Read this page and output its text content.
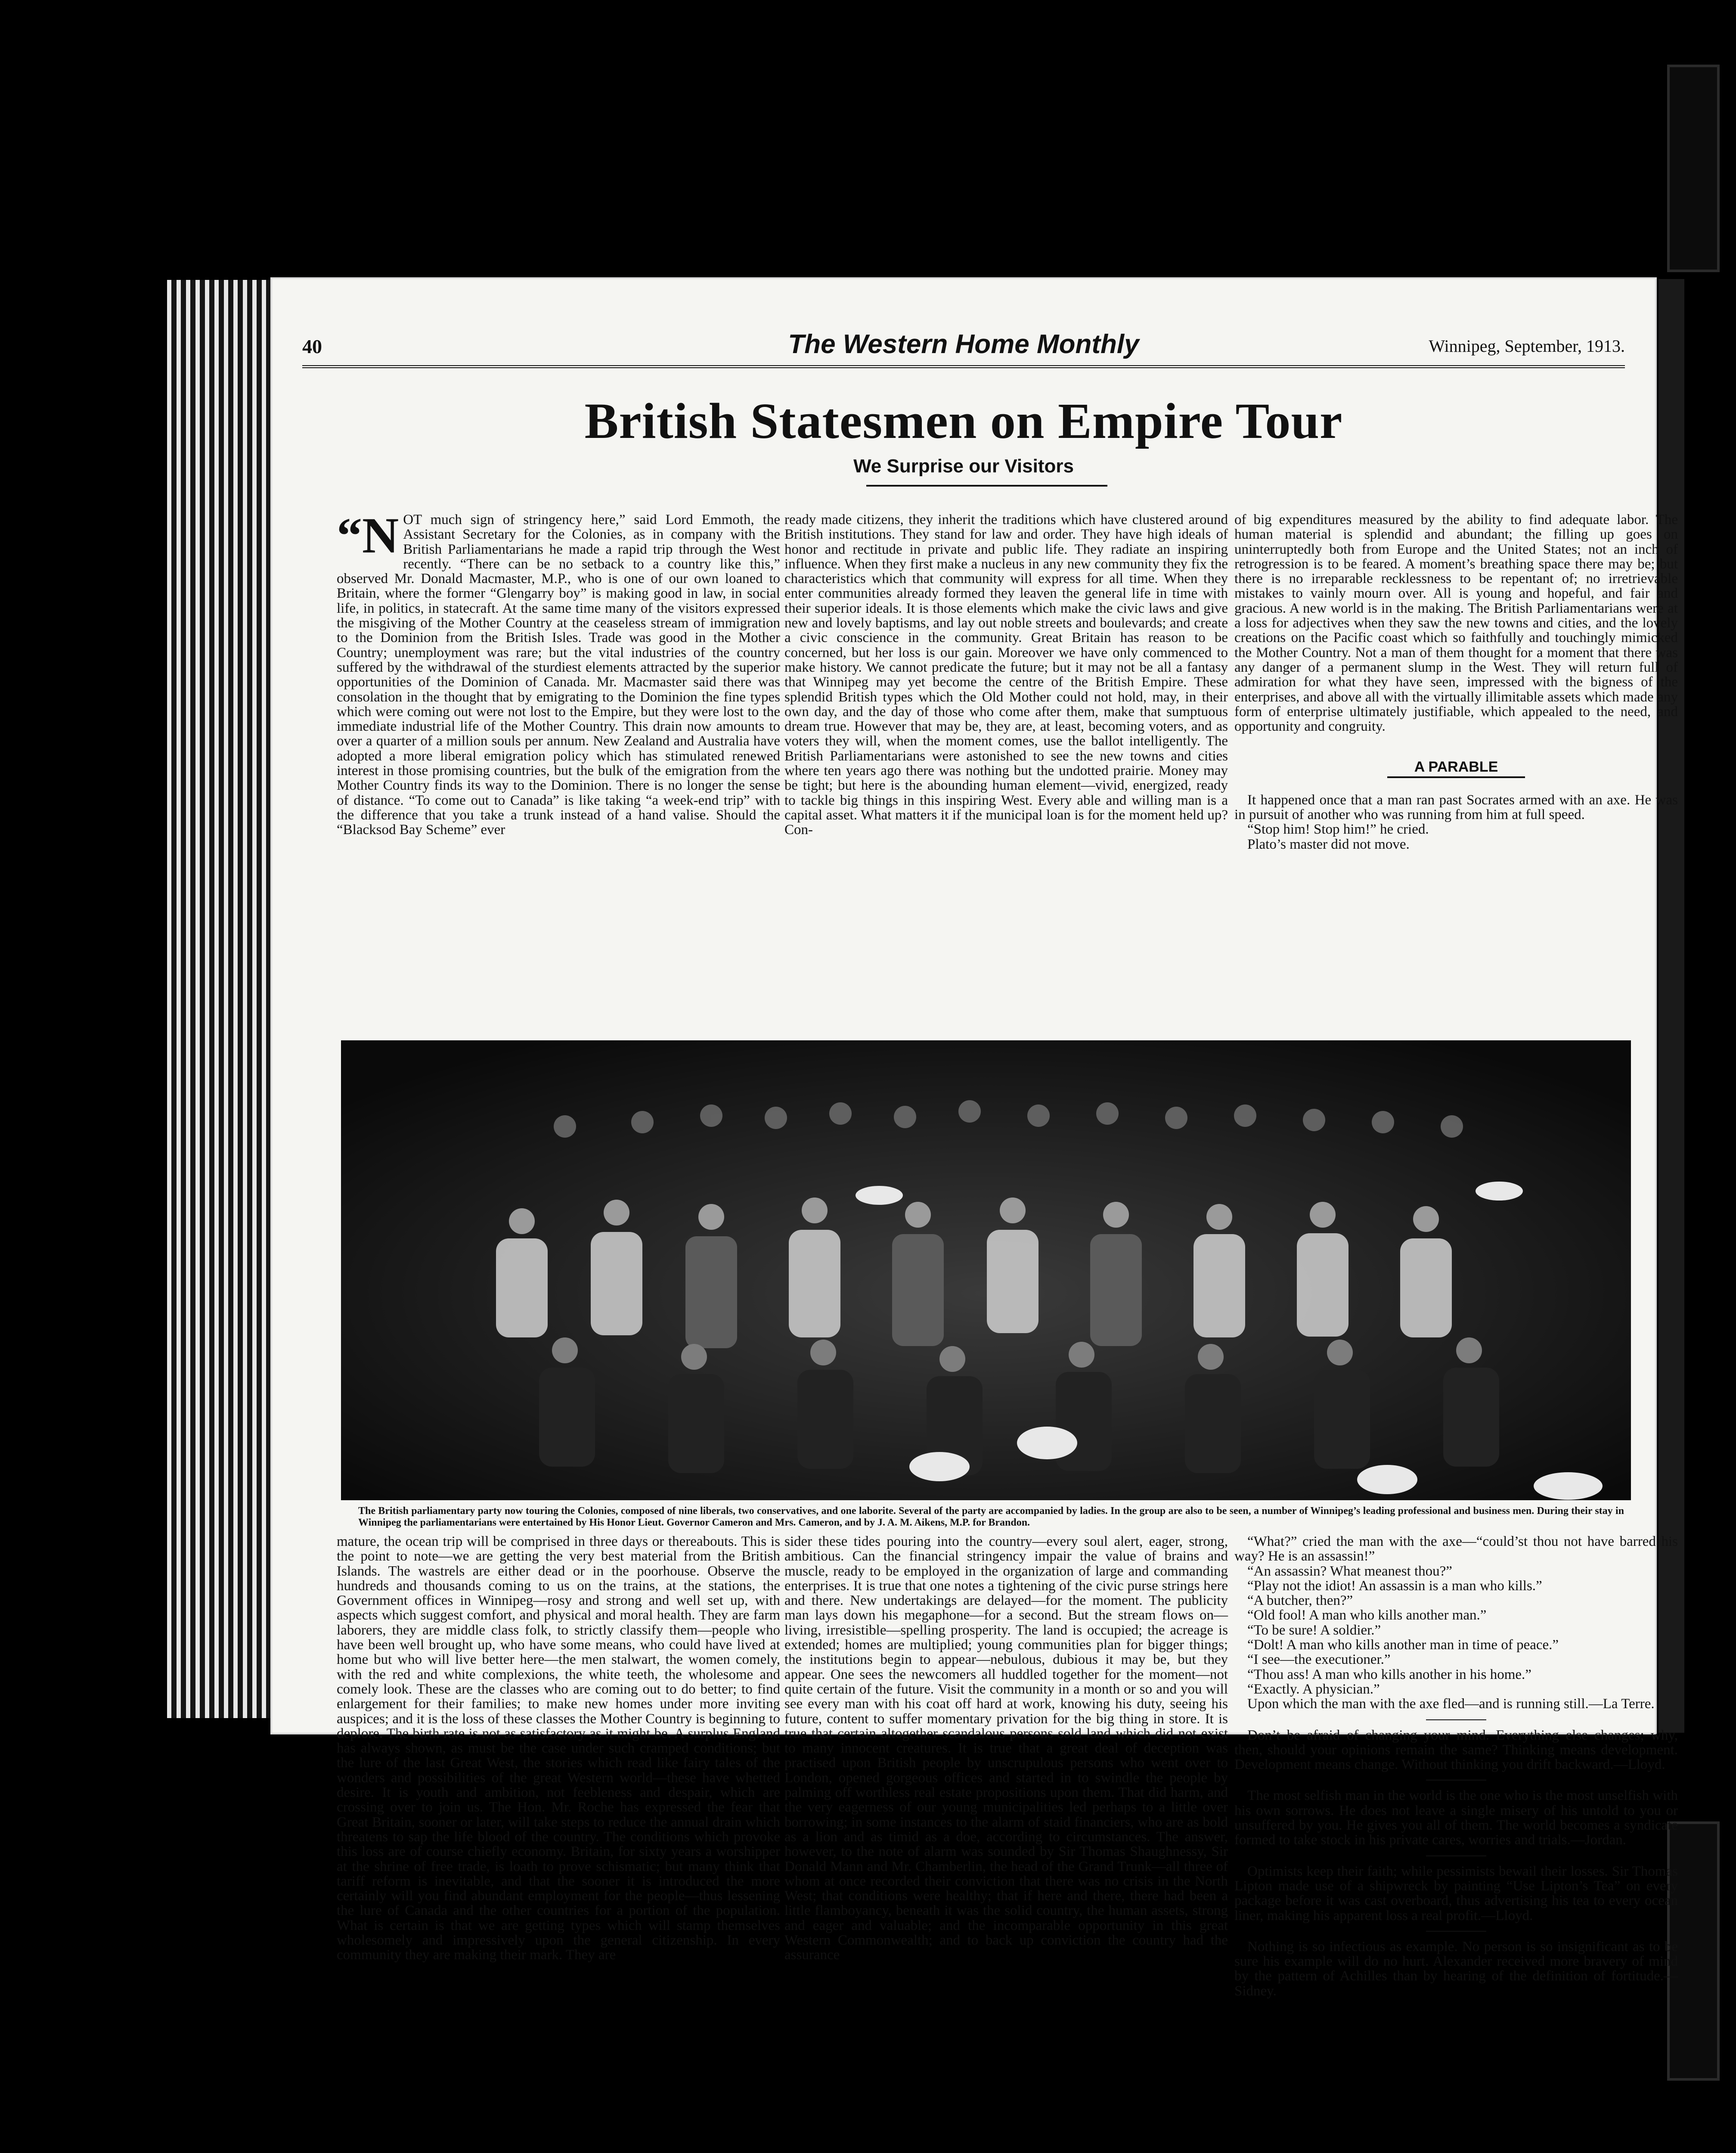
40	The Western Home Monthly	Winnipeg, September, 1913.
British Statesmen on Empire Tour
We Surprise our Visitors

“NOT much sign of stringency here,” said Lord Emmoth, the Assistant Secretary for the Colonies, as in company with the British Parliamentarians he made a rapid trip through the West recently. “There can be no setback to a country like this,” observed Mr. Donald Macmaster, M.P., who is one of our own loaned to Britain, where the former “Glengarry boy” is making good in law, in social life, in politics, in statecraft. At the same time many of the visitors expressed the misgiving of the Mother Country at the ceaseless stream of immigration to the Dominion from the British Isles. Trade was good in the Mother Country; unemployment was rare; but the vital industries of the country suffered by the withdrawal of the sturdiest elements attracted by the superior opportunities of the Dominion of Canada. Mr. Macmaster said there was consolation in the thought that by emigrating to the Dominion the fine types which were coming out were not lost to the Empire, but they were lost to the immediate industrial life of the Mother Country. This drain now amounts to over a quarter of a million souls per annum. New Zealand and Australia have adopted a more liberal emigration policy which has stimulated renewed interest in those promising countries, but the bulk of the emigration from the Mother Country finds its way to the Dominion. There is no longer the sense of distance. “To come out to Canada” is like taking “a week-end trip” with the difference that you take a trunk instead of a hand valise. Should the “Blacksod Bay Scheme” ever

ready made citizens, they inherit the traditions which have clustered around British institutions. They stand for law and order. They have high ideals of honor and rectitude in private and public life. They radiate an inspiring influence. When they first make a nucleus in any new community they fix the characteristics which that community will express for all time. When they enter communities already formed they leaven the general life in time with their superior ideals. It is those elements which make the civic laws and give new and lovely baptisms, and lay out noble streets and boulevards; and create a civic conscience in the community. Great Britain has reason to be concerned, but her loss is our gain. Moreover we have only commenced to make history. We cannot predicate the future; but it may not be all a fantasy that Winnipeg may yet become the centre of the British Empire. These splendid British types which the Old Mother could not hold, may, in their own day, and the day of those who come after them, make that sumptuous dream true. However that may be, they are, at least, becoming voters, and as voters they will, when the moment comes, use the ballot intelligently. The British Parliamentarians were astonished to see the new towns and cities where ten years ago there was nothing but the undotted prairie. Money may be tight; but here is the abounding human element—vivid, energized, ready to tackle big things in this inspiring West. Every able and willing man is a capital asset. What matters it if the municipal loan is for the moment held up? Con-

of big expenditures measured by the ability to find adequate labor. The human material is splendid and abundant; the filling up goes on uninterruptedly both from Europe and the United States; not an inch of retrogression is to be feared. A moment’s breathing space there may be; but there is no irreparable recklessness to be repentant of; no irretrievable mistakes to vainly mourn over. All is young and hopeful, and fair and gracious. A new world is in the making. The British Parliamentarians were at a loss for adjectives when they saw the new towns and cities, and the lovely creations on the Pacific coast which so faithfully and touchingly mimicked the Mother Country. Not a man of them thought for a moment that there was any danger of a permanent slump in the West. They will return full of admiration for what they have seen, impressed with the bigness of the enterprises, and above all with the virtually illimitable assets which made any form of enterprise ultimately justifiable, which appealed to the need, and opportunity and congruity.

A PARABLE

It happened once that a man ran past Socrates armed with an axe. He was in pursuit of another who was running from him at full speed.

“Stop him! Stop him!” he cried.

Plato’s master did not move.

The British parliamentary party now touring the Colonies, composed of nine liberals, two conservatives, and one laborite. Several of the party are accompanied by ladies. In the group are also to be seen, a number of Winnipeg’s leading professional and business men. During their stay in Winnipeg the parliamentarians were entertained by His Honor Lieut. Governor Cameron and Mrs. Cameron, and by J. A. M. Aikens, M.P. for Brandon.

mature, the ocean trip will be comprised in three days or thereabouts. This is the point to note—we are getting the very best material from the British Islands. The wastrels are either dead or in the poorhouse. Observe the hundreds and thousands coming to us on the trains, at the stations, the Government offices in Winnipeg—rosy and strong and well set up, with aspects which suggest comfort, and physical and moral health. They are farm laborers, they are middle class folk, to strictly classify them—people who have been well brought up, who have some means, who could have lived at home but who will live better here—the men stalwart, the women comely, with the red and white complexions, the white teeth, the wholesome and comely look. These are the classes who are coming out to do better; to find enlargement for their families; to make new homes under more inviting auspices; and it is the loss of these classes the Mother Country is beginning to deplore. The birth rate is not as satisfactory as it might be. A surplus England has always shown, as must be the case under such cramped conditions; but the lure of the last Great West, the stories which read like fairy tales of the wonders and possibilities of the great Western world—these have whetted desire. It is youth and ambition, not feebleness and despair, which are crossing over to join us. The Hon. Mr. Roche has expressed the fear that Great Britain, sooner or later, will take steps to reduce the annual drain which threatens to sap the life blood of the country. The conditions which provoke this loss are of course chiefly economy. Britain, for sixty years a worshipper at the shrine of free trade, is loath to prove schismatic; but many think that tariff reform is inevitable, and that the sooner it is introduced the more certainly will you find abundant employment for the people—thus lessening the lure of Canada and the other countries for a portion of the population. What is certain is that we are getting types which will stamp themselves wholesomely and impressively upon the general citizenship. In every community they are making their mark. They are

sider these tides pouring into the country—every soul alert, eager, strong, ambitious. Can the financial stringency impair the value of brains and muscle, ready to be employed in the organization of large and commanding enterprises. It is true that one notes a tightening of the civic purse strings here and there. New undertakings are delayed—for the moment. The publicity man lays down his megaphone—for a second. But the stream flows on—living, irresistible—spelling prosperity. The land is occupied; the acreage is extended; homes are multiplied; young communities plan for bigger things; the institutions begin to appear—nebulous, dubious it may be, but they appear. One sees the newcomers all huddled together for the moment—not quite certain of the future. Visit the community in a month or so and you will see every man with his coat off hard at work, knowing his duty, seeing his future, content to suffer momentary privation for the big thing in store. It is true that certain altogether scandalous persons sold land which did not exist to many innocent creatures. It is true that a great deal of deception was practised upon British people by unscrupulous persons who went over to London, opened gorgeous offices and started in to swindle the people by palming off worthless real estate propositions upon them. That did harm, and the very eagerness of our young municipalities led perhaps to a little over borrowing; in some instances to the alarm of staid financiers, who are as bold as a lion and as timid as a doe, according to circumstances. The answer, however, to the note of alarm was sounded by Sir Thomas Shaughnessy, Sir Donald Mann and Mr. Chamberlin, the head of the Grand Trunk—all three of whom at once recorded their conviction that there was no crisis in the North West; that conditions were healthy; that if here and there, there had been a little flamboyancy, beneath it was the solid country, the human assets, strong and eager and valuable; and the incomparable opportunity in this great Western Commonwealth; and to back up conviction the country had the assurance

“What?” cried the man with the axe—“could’st thou not have barred his way? He is an assassin!”

“An assassin? What meanest thou?”

“Play not the idiot! An assassin is a man who kills.”

“A butcher, then?”

“Old fool! A man who kills another man.”

“To be sure! A soldier.”

“Dolt! A man who kills another man in time of peace.”

“I see—the executioner.”

“Thou ass! A man who kills another in his home.”

“Exactly. A physician.”

Upon which the man with the axe fled—and is running still.—La Terre.

Don’t be afraid of changing your mind. Everything else changes; why, then, should your opinions remain the same? Thinking means development. Development means change. Without thinking you drift backward.—Lloyd.

The most selfish man in the world is the one who is the most unselfish with his own sorrows. He does not leave a single misery of his untold to you or unsuffered by you. He gives you all of them. The world becomes a syndicate formed to take stock in his private cares, worries and trials.—Jordan.

Optimists keep their faith; while pessimists bewail their losses. Sir Thomas Lipton made use of a shipwreck by painting “Use Lipton’s Tea” on every package before it was cast overboard, thus advertising his tea to every ocean liner, making his apparent loss a real profit.—Lloyd.

Nothing is so infectious as example. No person is so insignificant as to be sure his example will do no hurt. Alexander received more bravery of mind by the pattern of Achilles than by hearing of the definition of fortitude.—Sidney.
